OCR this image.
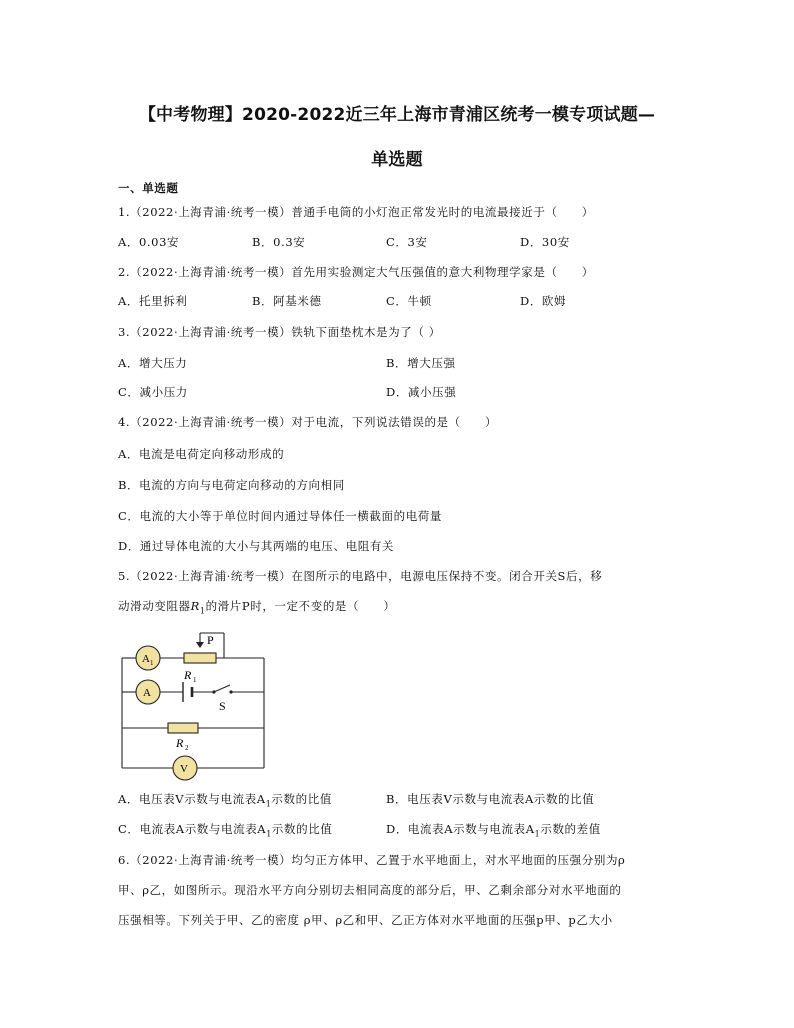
【中考物理】2020-2022近三年上海市青浦区统考一模专项试题—
单选题
一、单选题
1.（2022·上海青浦·统考一模）普通手电筒的小灯泡正常发光时的电流最接近于（　　）
A．0.03安	B．0.3安	C．3安	D．30安
2.（2022·上海青浦·统考一模）首先用实验测定大气压强值的意大利物理学家是（　　）
A．托里拆利	B．阿基米德	C．牛顿	D．欧姆
3.（2022·上海青浦·统考一模）铁轨下面垫枕木是为了（ ）
A．增大压力	B．增大压强
C．减小压力	D．减小压强
4.（2022·上海青浦·统考一模）对于电流，下列说法错误的是（　　）
A．电流是电荷定向移动形成的
B．电流的方向与电荷定向移动的方向相同
C．电流的大小等于单位时间内通过导体任一横截面的电荷量
D．通过导体电流的大小与其两端的电压、电阻有关
5.（2022·上海青浦·统考一模）在图所示的电路中，电源电压保持不变。闭合开关S后，移
动滑动变阻器$R_1$的滑片P时，一定不变的是（　　）
P
A 1
R 1
A
S
R 2
V
A．电压表V示数与电流表$A_1$示数的比值	B．电压表V示数与电流表A示数的比值
C．电流表A示数与电流表$A_1$示数的比值	D．电流表A示数与电流表$A_1$示数的差值
6.（2022·上海青浦·统考一模）均匀正方体甲、乙置于水平地面上，对水平地面的压强分别为ρ
甲、ρ乙，如图所示。现沿水平方向分别切去相同高度的部分后，甲、乙剩余部分对水平地面的
压强相等。下列关于甲、乙的密度 ρ甲、ρ乙和甲、乙正方体对水平地面的压强p甲、p乙大小
